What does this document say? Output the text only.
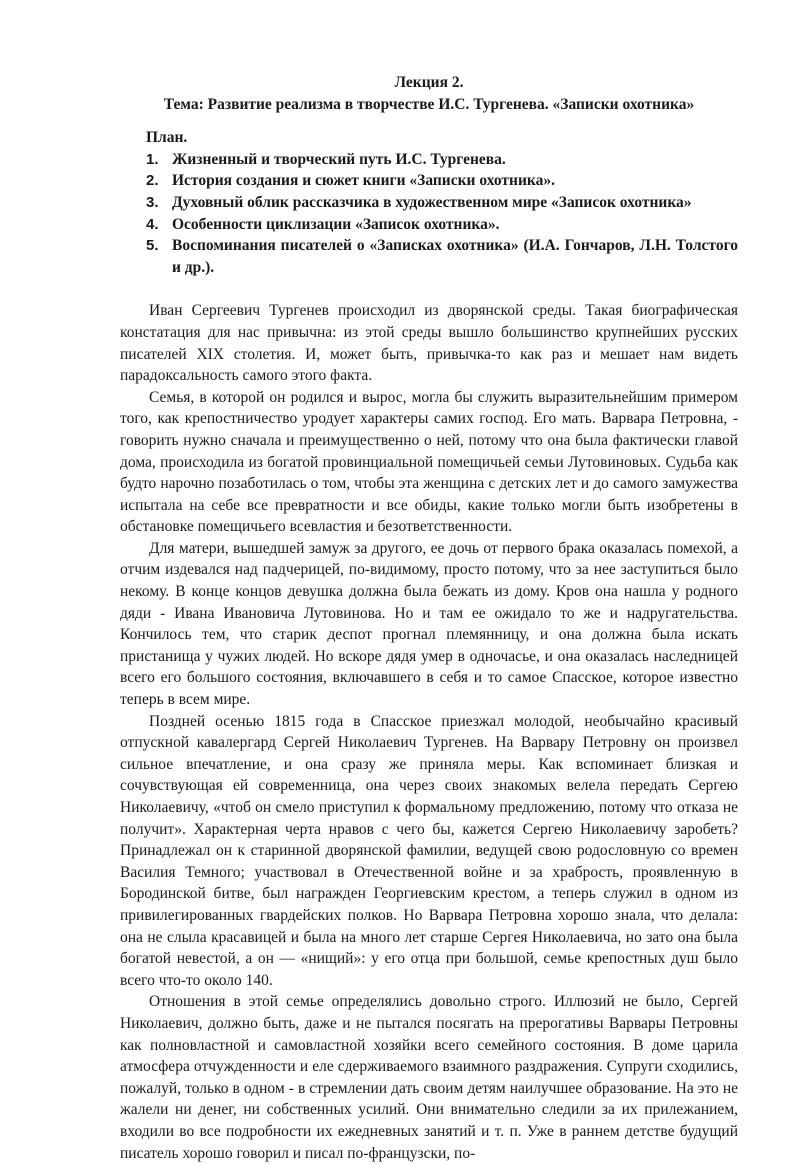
Лекция 2.

Тема: Развитие реализма в творчестве И.С. Тургенева. «Записки охотника»

План.

1. Жизненный и творческий путь И.С. Тургенева.
2. История создания и сюжет книги «Записки охотника».
3. Духовный облик рассказчика в художественном мире «Записок охотника»
4. Особенности циклизации «Записок охотника».
5. Воспоминания писателей о «Записках охотника» (И.А. Гончаров, Л.Н. Толстого и др.).

Иван Сергеевич Тургенев происходил из дворянской среды. Такая биографическая констатация для нас привычна: из этой среды вышло большинство крупнейших русских писателей XIX столетия. И, может быть, привычка-то как раз и мешает нам видеть парадоксальность самого этого факта.

Семья, в которой он родился и вырос, могла бы служить выразительнейшим примером того, как крепостничество уродует характеры самих господ. Его мать. Варвара Петровна, - говорить нужно сначала и преимущественно о ней, потому что она была фактически главой дома, происходила из богатой провинциальной помещичьей семьи Лутовиновых. Судьба как будто нарочно позаботилась о том, чтобы эта женщина с детских лет и до самого замужества испытала на себе все превратности и все обиды, какие только могли быть изобретены в обстановке помещичьего всевластия и безответственности.

Для матери, вышедшей замуж за другого, ее дочь от первого брака оказалась помехой, а отчим издевался над падчерицей, по-видимому, просто потому, что за нее заступиться было некому. В конце концов девушка должна была бежать из дому. Кров она нашла у родного дяди - Ивана Ивановича Лутовинова. Но и там ее ожидало то же и надругательства. Кончилось тем, что старик деспот прогнал племянницу, и она должна была искать пристанища у чужих людей. Но вскоре дядя умер в одночасье, и она оказалась наследницей всего его большого состояния, включавшего в себя и то самое Спасское, которое известно теперь в всем мире.

Поздней осенью 1815 года в Спасское приезжал молодой, необычайно красивый отпускной кавалергард Сергей Николаевич Тургенев. На Варвару Петровну он произвел сильное впечатление, и она сразу же приняла меры. Как вспоминает близкая и сочувствующая ей современница, она через своих знакомых велела передать Сергею Николаевичу, «чтоб он смело приступил к формальному предложению, потому что отказа не получит». Характерная черта нравов с чего бы, кажется Сергею Николаевичу заробеть? Принадлежал он к старинной дворянской фамилии, ведущей свою родословную со времен Василия Темного; участвовал в Отечественной войне и за храбрость, проявленную в Бородинской битве, был награжден Георгиевским крестом, а теперь служил в одном из привилегированных гвардейских полков. Но Варвара Петровна хорошо знала, что делала: она не слыла красавицей и была на много лет старше Сергея Николаевича, но зато она была богатой невестой, а он — «нищий»: у его отца при большой, семье крепостных душ было всего что-то около 140.

Отношения в этой семье определялись довольно строго. Иллюзий не было, Сергей Николаевич, должно быть, даже и не пытался посягать на прерогативы Варвары Петровны как полновластной и самовластной хозяйки всего семейного состояния. В доме царила атмосфера отчужденности и еле сдерживаемого взаимного раздражения. Супруги сходились, пожалуй, только в одном - в стремлении дать своим детям наилучшее образование. На это не жалели ни денег, ни собственных усилий. Они внимательно следили за их прилежанием, входили во все подробности их ежедневных занятий и т. п. Уже в раннем детстве будущий писатель хорошо говорил и писал по-французски, по-
